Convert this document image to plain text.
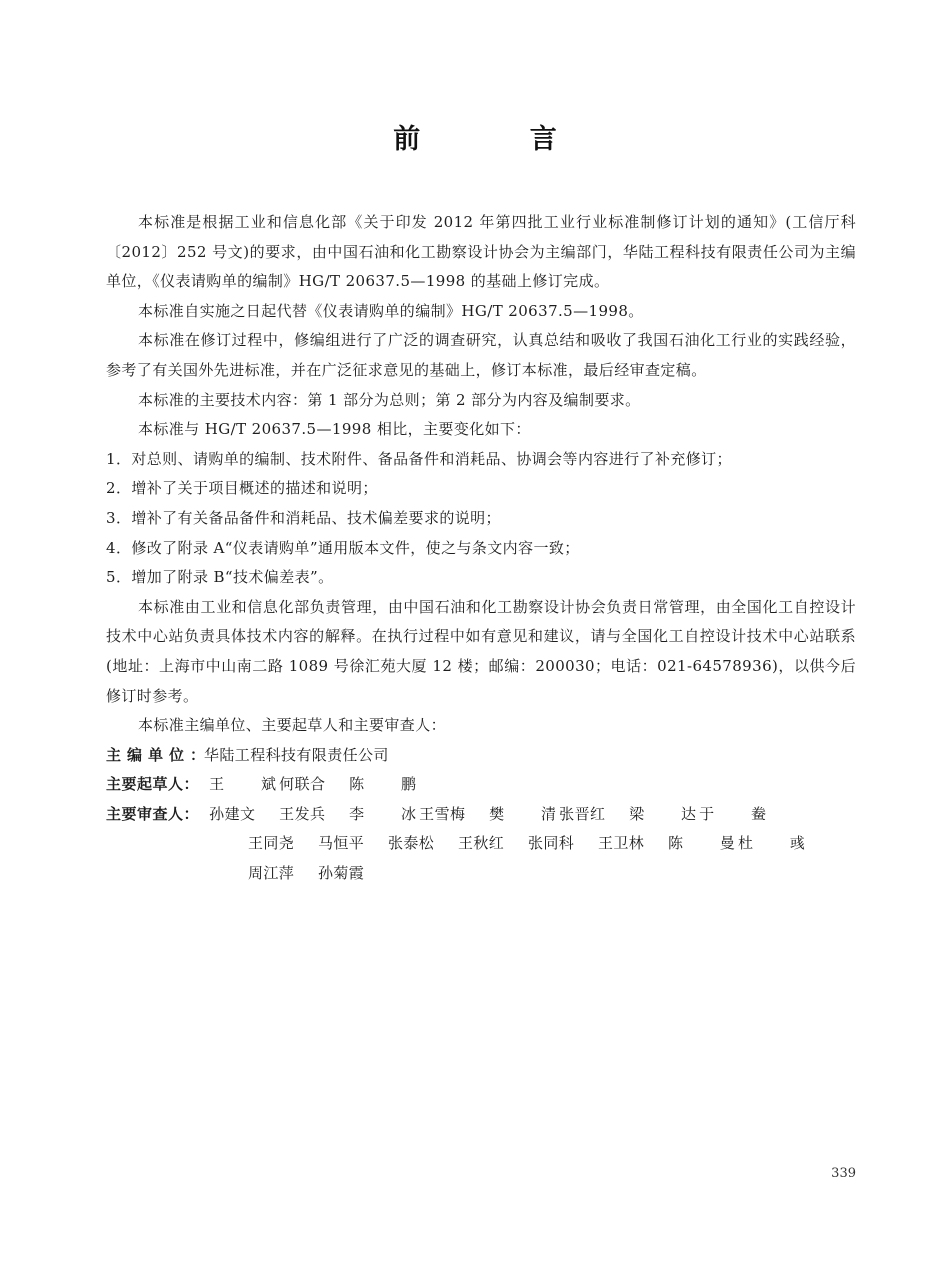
前 言

本标准是根据工业和信息化部《关于印发 2012 年第四批工业行业标准制修订计划的通知》(工信厅科〔2012〕252 号文)的要求，由中国石油和化工勘察设计协会为主编部门，华陆工程科技有限责任公司为主编单位，《仪表请购单的编制》HG/T 20637.5—1998 的基础上修订完成。

本标准自实施之日起代替《仪表请购单的编制》HG/T 20637.5—1998。

本标准在修订过程中，修编组进行了广泛的调查研究，认真总结和吸收了我国石油化工行业的实践经验，参考了有关国外先进标准，并在广泛征求意见的基础上，修订本标准，最后经审查定稿。

本标准的主要技术内容：第 1 部分为总则；第 2 部分为内容及编制要求。

本标准与 HG/T 20637.5—1998 相比，主要变化如下：

1．对总则、请购单的编制、技术附件、备品备件和消耗品、协调会等内容进行了补充修订；

2．增补了关于项目概述的描述和说明；

3．增补了有关备品备件和消耗品、技术偏差要求的说明；

4．修改了附录 A“仪表请购单”通用版本文件，使之与条文内容一致；

5．增加了附录 B“技术偏差表”。

本标准由工业和信息化部负责管理，由中国石油和化工勘察设计协会负责日常管理，由全国化工自控设计技术中心站负责具体技术内容的解释。在执行过程中如有意见和建议，请与全国化工自控设计技术中心站联系(地址：上海市中山南二路 1089 号徐汇苑大厦 12 楼；邮编：200030；电话：021-64578936)，以供今后修订时参考。

本标准主编单位、主要起草人和主要审查人：

主编单位：华陆工程科技有限责任公司

主要起草人： 王 斌何联合 陈 鹏

主要审查人： 孙建文 王发兵 李 冰王雪梅 樊 清张晋红 梁 达于 鲞

王同尧 马恒平 张泰松 王秋红 张同科 王卫林 陈 曼杜 彧

周江萍 孙菊霞

339
